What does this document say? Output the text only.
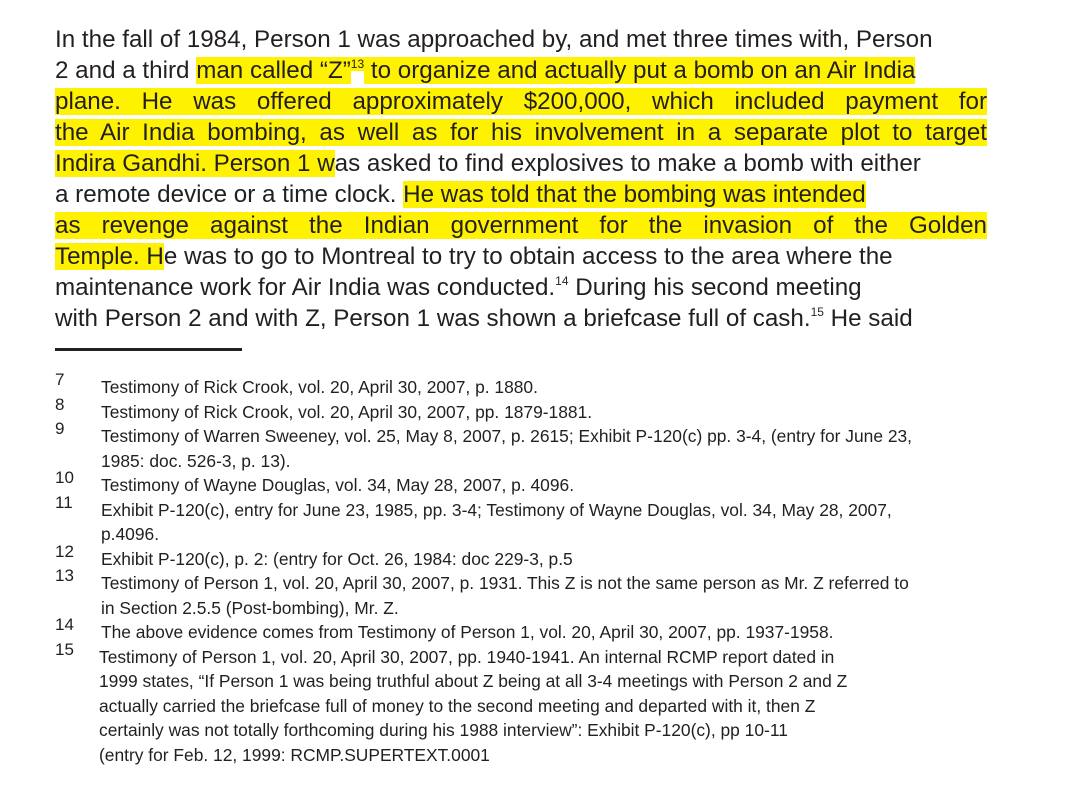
In the fall of 1984, Person 1 was approached by, and met three times with, Person
2 and a third man called “Z”$^{13}$ to organize and actually put a bomb on an Air India
plane. He was offered approximately $200,000, which included payment for
the Air India bombing, as well as for his involvement in a separate plot to target
Indira Gandhi. Person 1 was asked to find explosives to make a bomb with either
a remote device or a time clock. He was told that the bombing was intended
as revenge against the Indian government for the invasion of the Golden
Temple. He was to go to Montreal to try to obtain access to the area where the
maintenance work for Air India was conducted.$^{14}$ During his second meeting
with Person 2 and with Z, Person 1 was shown a briefcase full of cash.$^{15}$ He said
7 Testimony of Rick Crook, vol. 20, April 30, 2007, p. 1880.
8 Testimony of Rick Crook, vol. 20, April 30, 2007, pp. 1879-1881.
9 Testimony of Warren Sweeney, vol. 25, May 8, 2007, p. 2615; Exhibit P-120(c) pp. 3-4, (entry for June 23,
1985: doc. 526-3, p. 13).
10 Testimony of Wayne Douglas, vol. 34, May 28, 2007, p. 4096.
11 Exhibit P-120(c), entry for June 23, 1985, pp. 3-4; Testimony of Wayne Douglas, vol. 34, May 28, 2007,
p.4096.
12 Exhibit P-120(c), p. 2: (entry for Oct. 26, 1984: doc 229-3, p.5
13 Testimony of Person 1, vol. 20, April 30, 2007, p. 1931. This Z is not the same person as Mr. Z referred to
in Section 2.5.5 (Post-bombing), Mr. Z.
14 The above evidence comes from Testimony of Person 1, vol. 20, April 30, 2007, pp. 1937-1958.
15 Testimony of Person 1, vol. 20, April 30, 2007, pp. 1940-1941. An internal RCMP report dated in
1999 states, “If Person 1 was being truthful about Z being at all 3-4 meetings with Person 2 and Z
actually carried the briefcase full of money to the second meeting and departed with it, then Z
certainly was not totally forthcoming during his 1988 interview”: Exhibit P-120(c), pp 10-11
(entry for Feb. 12, 1999: RCMP.SUPERTEXT.0001
